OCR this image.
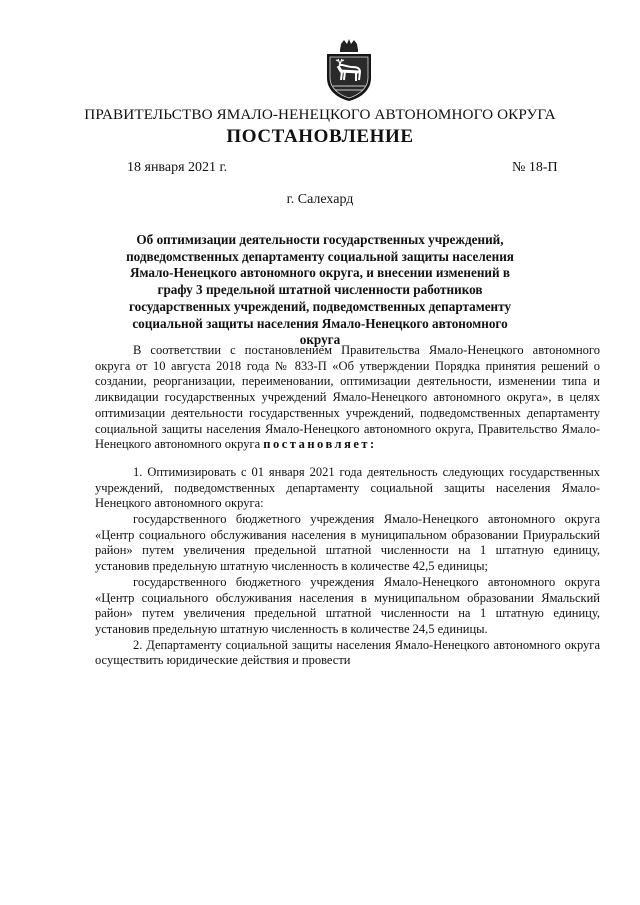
ПРАВИТЕЛЬСТВО ЯМАЛО-НЕНЕЦКОГО АВТОНОМНОГО ОКРУГА
ПОСТАНОВЛЕНИЕ
18 января 2021 г.	№ 18-П
г. Салехард
Об оптимизации деятельности государственных учреждений, подведомственных департаменту социальной защиты населения Ямало-Ненецкого автономного округа, и внесении изменений в графу 3 предельной штатной численности работников государственных учреждений, подведомственных департаменту социальной защиты населения Ямало-Ненецкого автономного округа

В соответствии с постановлением Правительства Ямало-Ненецкого автономного округа от 10 августа 2018 года № 833-П «Об утверждении Порядка принятия решений о создании, реорганизации, переименовании, оптимизации деятельности, изменении типа и ликвидации государственных учреждений Ямало-Ненецкого автономного округа», в целях оптимизации деятельности государственных учреждений, подведомственных департаменту социальной защиты населения Ямало-Ненецкого автономного округа, Правительство Ямало-Ненецкого автономного округа постановляет:

1. Оптимизировать с 01 января 2021 года деятельность следующих государственных учреждений, подведомственных департаменту социальной защиты населения Ямало-Ненецкого автономного округа:

государственного бюджетного учреждения Ямало-Ненецкого автономного округа «Центр социального обслуживания населения в муниципальном образовании Приуральский район» путем увеличения предельной штатной численности на 1 штатную единицу, установив предельную штатную численность в количестве 42,5 единицы;

государственного бюджетного учреждения Ямало-Ненецкого автономного округа «Центр социального обслуживания населения в муниципальном образовании Ямальский район» путем увеличения предельной штатной численности на 1 штатную единицу, установив предельную штатную численность в количестве 24,5 единицы.

2. Департаменту социальной защиты населения Ямало-Ненецкого автономного округа осуществить юридические действия и провести
